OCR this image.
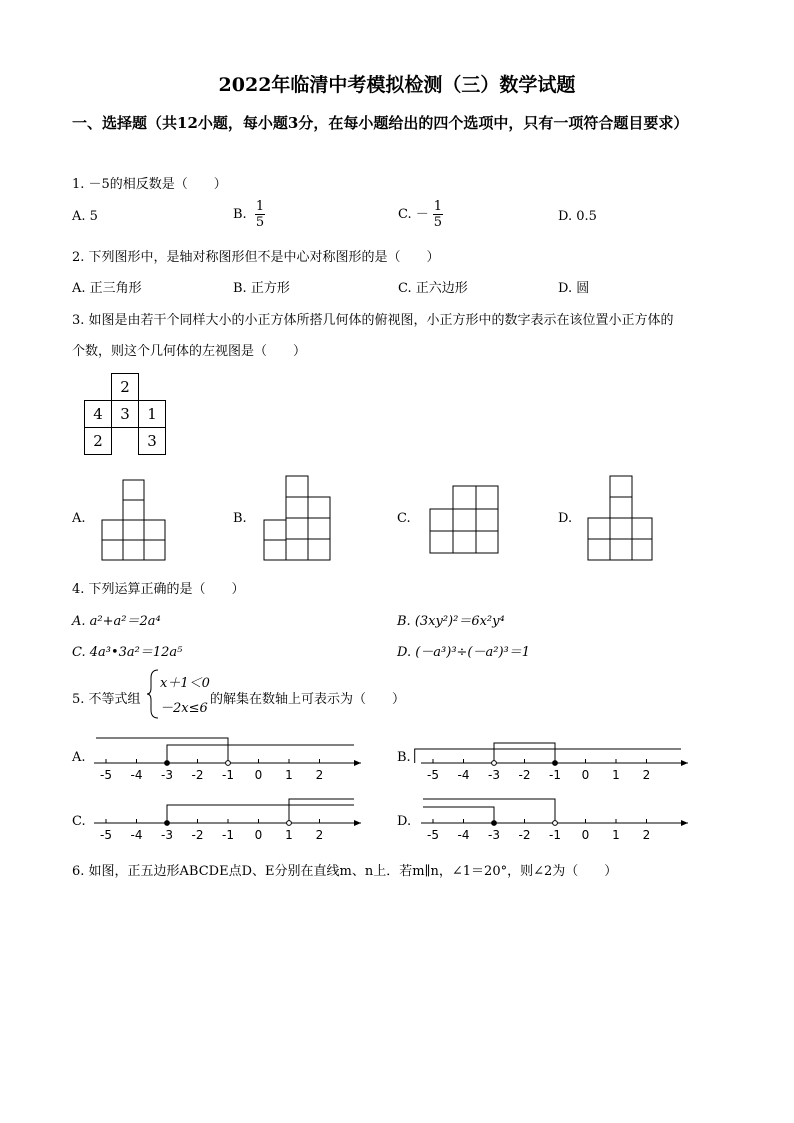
2022年临清中考模拟检测（三）数学试题
一、选择题（共12小题，每小题3分，在每小题给出的四个选项中，只有一项符合题目要求）
1. －5的相反数是（　　）
A. 5	B. $\frac{1}{5}$	C. － $\frac{1}{5}$	D. 0.5
2. 下列图形中，是轴对称图形但不是中心对称图形的是（　　）
A. 正三角形	B. 正方形	C. 正六边形	D. 圆
3. 如图是由若干个同样大小的小正方体所搭几何体的俯视图，小正方形中的数字表示在该位置小正方体的
个数，则这个几何体的左视图是（　　）
	2	
4	3	1
2		3
A.	B.	C.	D.
4. 下列运算正确的是（　　）
A. a²+a²＝2a⁴	B. (3xy²)²＝6x²y⁴
C. 4a³•3a²＝12a⁵	D. (－a³)³÷(－a²)³＝1
5. 不等式组
x＋1＜0
－2x≤6
的解集在数轴上可表示为（　　）
A.	B.
C.	D.
-5 -4 -3 -2 -1 0 1 2	-5 -4 -3 -2 -1 0 1 2
-5 -4 -3 -2 -1 0 1 2	-5 -4 -3 -2 -1 0 1 2
6. 如图，正五边形ABCDE点D、E分别在直线m、n上．若m∥n，∠1＝20°，则∠2为（　　）
